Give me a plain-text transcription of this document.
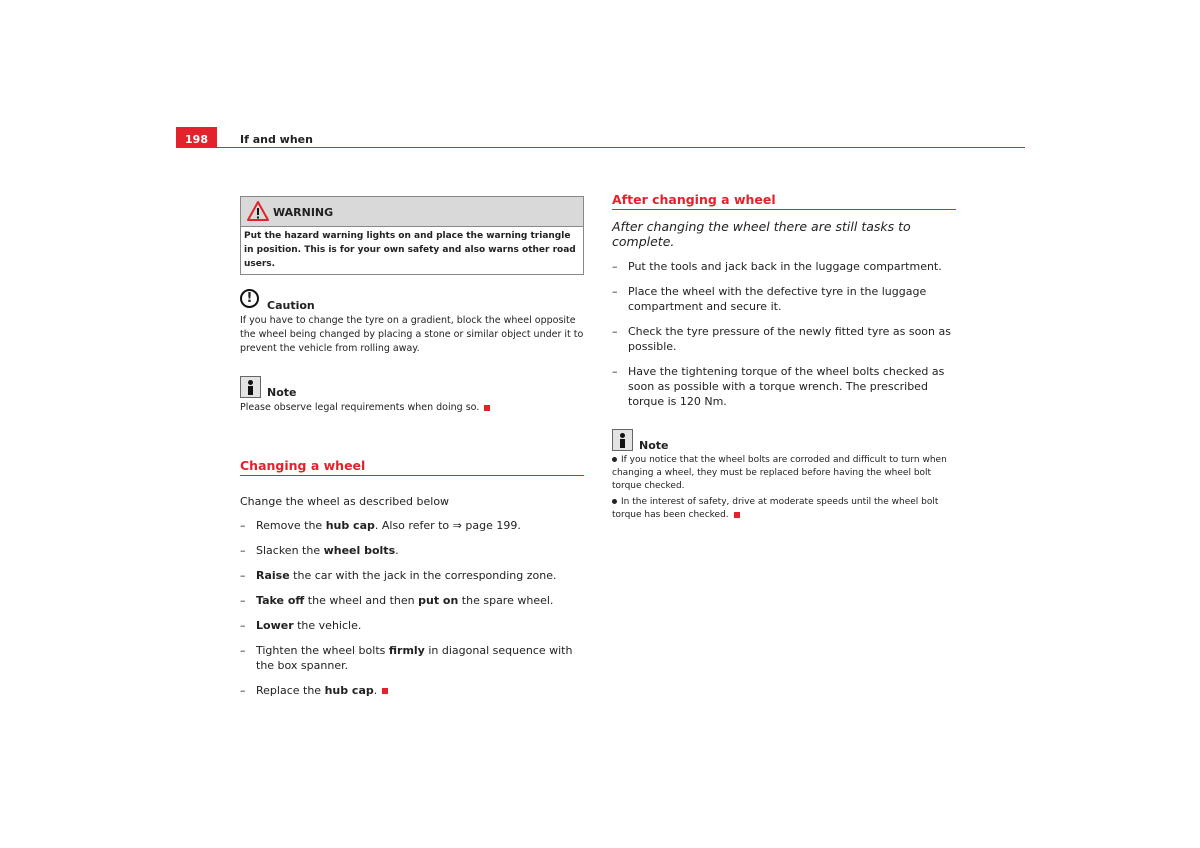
198	If and when
WARNING
Put the hazard warning lights on and place the warning triangle in position. This is for your own safety and also warns other road users.
!	Caution
If you have to change the tyre on a gradient, block the wheel opposite the wheel being changed by placing a stone or similar object under it to prevent the vehicle from rolling away.
Note
Please observe legal requirements when doing so.
Changing a wheel
Change the wheel as described below
– Remove the hub cap. Also refer to ⇒ page 199.
– Slacken the wheel bolts.
– Raise the car with the jack in the corresponding zone.
– Take off the wheel and then put on the spare wheel.
– Lower the vehicle.
– Tighten the wheel bolts firmly in diagonal sequence with the box spanner.
– Replace the hub cap.
After changing a wheel
After changing the wheel there are still tasks to complete.
– Put the tools and jack back in the luggage compartment.
– Place the wheel with the defective tyre in the luggage compartment and secure it.
– Check the tyre pressure of the newly fitted tyre as soon as possible.
– Have the tightening torque of the wheel bolts checked as soon as possible with a torque wrench. The prescribed torque is 120 Nm.
Note
If you notice that the wheel bolts are corroded and difficult to turn when changing a wheel, they must be replaced before having the wheel bolt torque checked.
In the interest of safety, drive at moderate speeds until the wheel bolt torque has been checked.
